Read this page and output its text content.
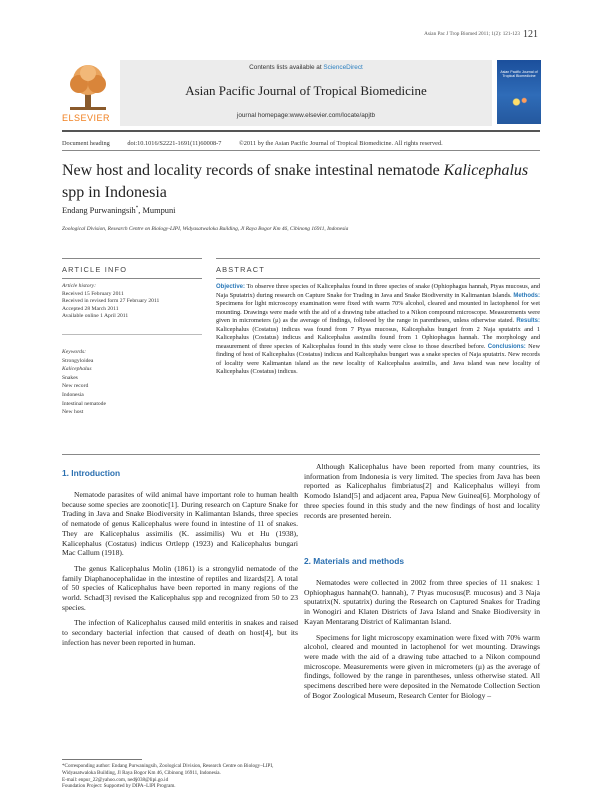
Asian Pac J Trop Biomed 2011; 1(2): 121-123 121
ELSEVIER
Contents lists available at ScienceDirect
Asian Pacific Journal of Tropical Biomedicine
journal homepage:www.elsevier.com/locate/apjtb
Asian Pacific Journal of Tropical Biomedicine
Document heading	doi:10.1016/S2221-1691(11)60008-7	©2011 by the Asian Pacific Journal of Tropical Biomedicine. All rights reserved.
New host and locality records of snake intestinal nematode Kalicephalus spp in Indonesia
Endang Purwaningsih*, Mumpuni
Zoological Division, Research Centre on Biology-LIPI, Widyasatwaloka Building, Jl Raya Bogor Km 46, Cibinong 16911, Indonesia
ARTICLE INFO	ABSTRACT
Article history:
Received 15 February 2011
Received in revised form 27 February 2011
Accepted 28 March 2011
Available online 1 April 2011
Keywords:
Strongyloidea
Kalicephalus
Snakes
New record
Indonesia
Intestinal nematode
New host
Objective: To observe three species of Kalicephalus found in three species of snake (Ophiophagus hannah, Ptyas mucosus, and Naja Sputatrix) during research on Capture Snake for Trading in Java and Snake Biodiversity in Kalimantan Islands. Methods: Specimens for light microscopy examination were fixed with warm 70% alcohol, cleared and mounted in lactophenol for wet mounting. Drawings were made with the aid of a drawing tube attached to a Nikon compound microscope. Measurements were given in micrometers (μ) as the average of findings, followed by the range in parentheses, unless otherwise stated. Results: Kalicephalus (Costatus) indicus was found from 7 Ptyas mucosus, Kalicephalus bungari from 2 Naja sputatrix and 1 Kalicephalus (Costatus) indicus and Kalicephalus assimilis found from 1 Ophiophagus hannah. The morphology and measurement of three species of Kalicephalus found in this study were close to those described before. Conclusions: New finding of host of Kalicephalus (Costatus) indicus and Kalicephalus bungari was a snake species of Naja sputatrix. New records of locality were Kalimantan island as the new locality of Kalicephalus assimilis, and Java island was new locality of Kalicephalus (Costatus) indicus.
1. Introduction

Nematode parasites of wild animal have important role to human health because some species are zoonotic[1]. During research on Capture Snake for Trading in Java and Snake Biodiversity in Kalimantan Islands, three species of nematode of genus Kalicephalus were found in intestine of 11 of snakes. They are Kalicephalus assimilis (K. assimilis) Wu et Hu (1938), Kalicephalus (Costatus) indicus Ortlepp (1923) and Kalicephalus bungari Mac Callum (1918).

The genus Kalicephalus Molin (1861) is a strongylid nematode of the family Diaphanocephalidae in the intestine of reptiles and lizards[2]. A total of 50 species of Kalicephalus have been reported in many regions of the world. Schad[3] revised the Kalicephalus spp and recognized from 50 to 23 species.

The infection of Kalicephalus caused mild enteritis in snakes and raised to secondary bacterial infection that caused of death on host[4], but its infection has never been reported in human.

*Corresponding author: Endang Purwaningsih, Zoological Division, Research Centre on Biology–LIPI, Widyasatwaloka Building, Jl Raya Bogor Km 46, Cibinong 16911, Indonesia.
E-mail: enpur_22@yahoo.com, ned§038@lipi.go.id
Foundation Project: Supported by DIPA–LIPI Program.

Although Kalicephalus have been reported from many countries, its information from Indonesia is very limited. The species from Java has been reported as Kalicephalus fimbriatus[2] and Kalicephalus willeyi from Komodo Island[5] and adjacent area, Papua New Guinea[6]. Morphology of three species found in this study and the new findings of host and locality records are presented herein.

2. Materials and methods

Nematodes were collected in 2002 from three species of 11 snakes: 1 Ophiophagus hannah(O. hannah), 7 Ptyas mucosus(P. mucosus) and 3 Naja sputatrix(N. sputatrix) during the Research on Captured Snakes for Trading in Wonogiri and Klaten Districts of Java Island and Snake Biodiversity in Kayan Mentarang District of Kalimantan Island.

Specimens for light microscopy examination were fixed with 70% warm alcohol, cleared and mounted in lactophenol for wet mounting. Drawings were made with the aid of a drawing tube attached to a Nikon compound microscope. Measurements were given in micrometers (μ) as the average of findings, followed by the range in parentheses, unless otherwise stated. All specimens described here were deposited in the Nematode Collection Section of Bogor Zoological Museum, Research Center for Biology –
